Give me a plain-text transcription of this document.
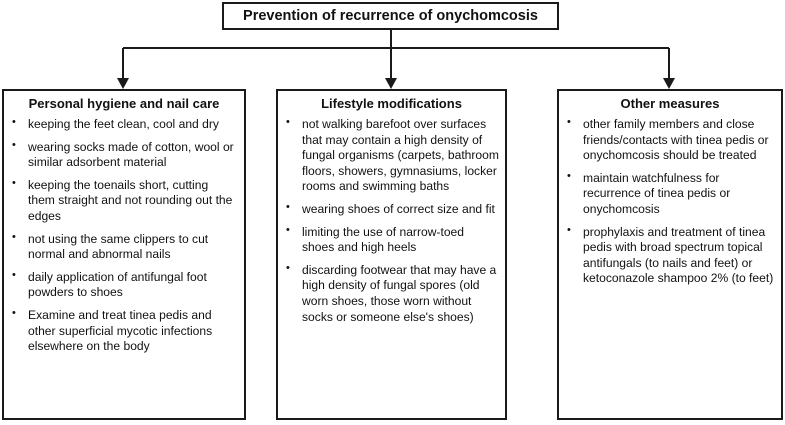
Prevention of recurrence of onychomcosis
Personal hygiene and nail care
• keeping the feet clean, cool and dry
• wearing socks made of cotton, wool or similar adsorbent material
• keeping the toenails short, cutting them straight and not rounding out the edges
• not using the same clippers to cut normal and abnormal nails
• daily application of antifungal foot powders to shoes
• Examine and treat tinea pedis and other superficial mycotic infections elsewhere on the body
Lifestyle modifications
• not walking barefoot over surfaces that may contain a high density of fungal organisms (carpets, bathroom floors, showers, gymnasiums, locker rooms and swimming baths
• wearing shoes of correct size and fit
• limiting the use of narrow-toed shoes and high heels
• discarding footwear that may have a high density of fungal spores (old worn shoes, those worn without socks or someone else's shoes)
Other measures
• other family members and close friends/contacts with tinea pedis or onychomcosis should be treated
• maintain watchfulness for recurrence of tinea pedis or onychomcosis
• prophylaxis and treatment of tinea pedis with broad spectrum topical antifungals (to nails and feet) or ketoconazole shampoo 2% (to feet)
